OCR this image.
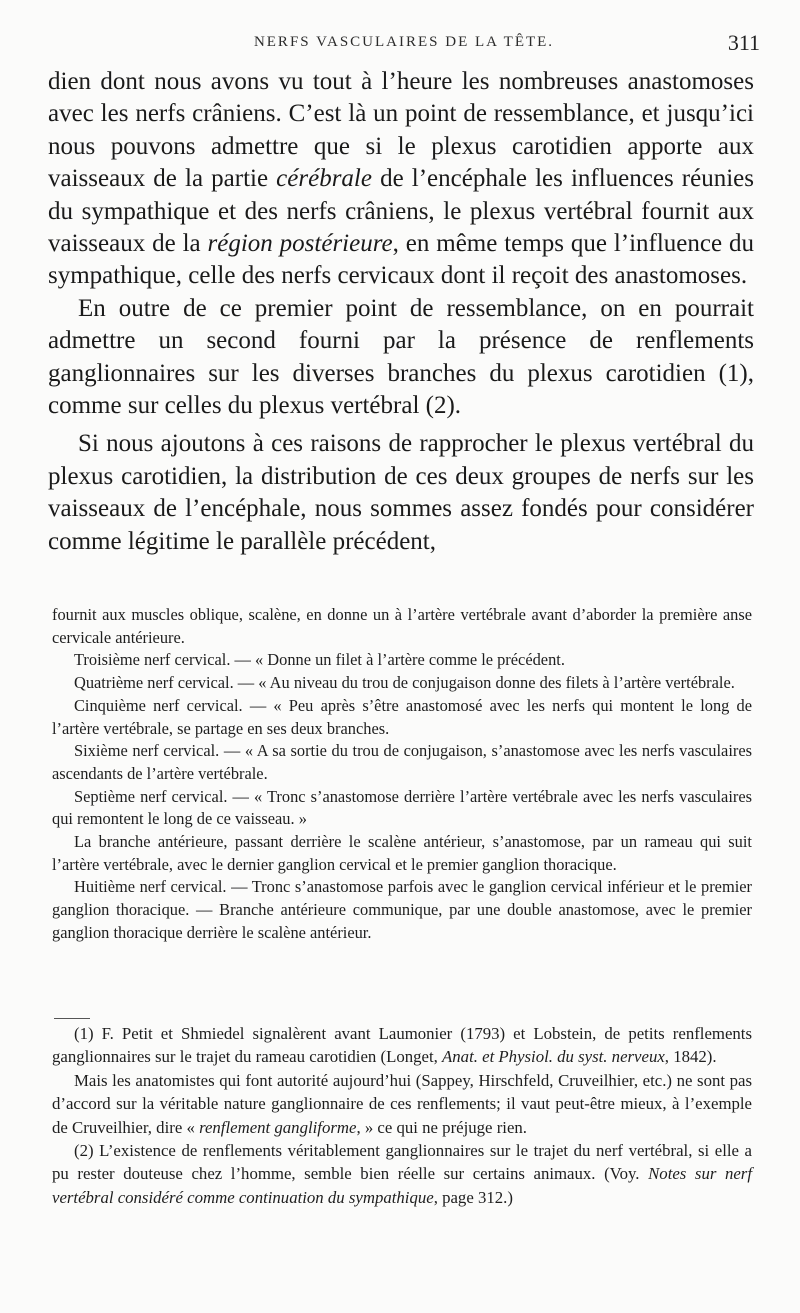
NERFS VASCULAIRES DE LA TÊTE.	311

dien dont nous avons vu tout à l’heure les nombreuses anastomoses avec les nerfs crâniens. C’est là un point de ressemblance, et jusqu’ici nous pouvons admettre que si le plexus carotidien apporte aux vaisseaux de la partie cérébrale de l’encéphale les influences réunies du sympathique et des nerfs crâniens, le plexus vertébral fournit aux vaisseaux de la région postérieure, en même temps que l’influence du sympathique, celle des nerfs cervicaux dont il reçoit des anastomoses.

En outre de ce premier point de ressemblance, on en pourrait admettre un second fourni par la présence de renflements ganglionnaires sur les diverses branches du plexus carotidien (1), comme sur celles du plexus vertébral (2).

Si nous ajoutons à ces raisons de rapprocher le plexus vertébral du plexus carotidien, la distribution de ces deux groupes de nerfs sur les vaisseaux de l’encéphale, nous sommes assez fondés pour considérer comme légitime le parallèle précédent,

fournit aux muscles oblique, scalène, en donne un à l’artère vertébrale avant d’aborder la première anse cervicale antérieure.

Troisième nerf cervical. — « Donne un filet à l’artère comme le précédent.

Quatrième nerf cervical. — « Au niveau du trou de conjugaison donne des filets à l’artère vertébrale.

Cinquième nerf cervical. — « Peu après s’être anastomosé avec les nerfs qui montent le long de l’artère vertébrale, se partage en ses deux branches.

Sixième nerf cervical. — « A sa sortie du trou de conjugaison, s’anastomose avec les nerfs vasculaires ascendants de l’artère vertébrale.

Septième nerf cervical. — « Tronc s’anastomose derrière l’artère vertébrale avec les nerfs vasculaires qui remontent le long de ce vaisseau. »

La branche antérieure, passant derrière le scalène antérieur, s’anastomose, par un rameau qui suit l’artère vertébrale, avec le dernier ganglion cervical et le premier ganglion thoracique.

Huitième nerf cervical. — Tronc s’anastomose parfois avec le ganglion cervical inférieur et le premier ganglion thoracique. — Branche antérieure communique, par une double anastomose, avec le premier ganglion thoracique derrière le scalène antérieur.

(1) F. Petit et Shmiedel signalèrent avant Laumonier (1793) et Lobstein, de petits renflements ganglionnaires sur le trajet du rameau carotidien (Longet, Anat. et Physiol. du syst. nerveux, 1842).

Mais les anatomistes qui font autorité aujourd’hui (Sappey, Hirschfeld, Cruveilhier, etc.) ne sont pas d’accord sur la véritable nature ganglionnaire de ces renflements; il vaut peut-être mieux, à l’exemple de Cruveilhier, dire « renflement gangliforme, » ce qui ne préjuge rien.

(2) L’existence de renflements véritablement ganglionnaires sur le trajet du nerf vertébral, si elle a pu rester douteuse chez l’homme, semble bien réelle sur certains animaux. (Voy. Notes sur nerf vertébral considéré comme continuation du sympathique, page 312.)
